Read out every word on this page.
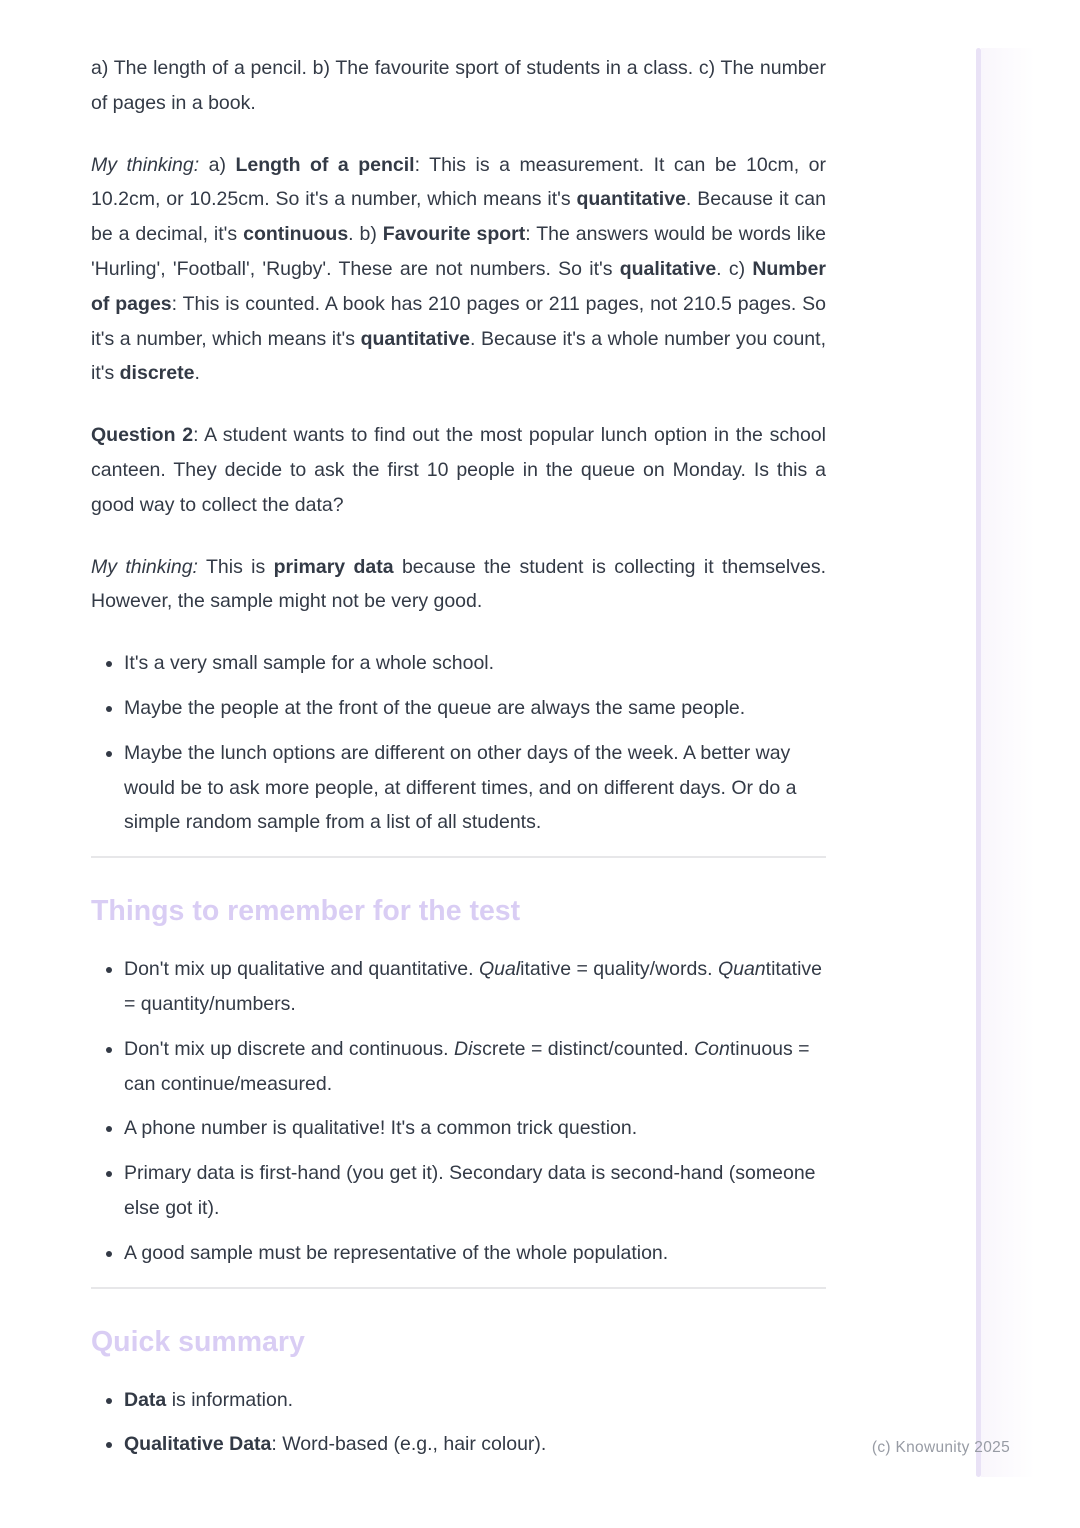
a) The length of a pencil. b) The favourite sport of students in a class. c) The number of pages in a book.

My thinking: a) Length of a pencil: This is a measurement. It can be 10cm, or 10.2cm, or 10.25cm. So it's a number, which means it's quantitative. Because it can be a decimal, it's continuous. b) Favourite sport: The answers would be words like 'Hurling', 'Football', 'Rugby'. These are not numbers. So it's qualitative. c) Number of pages: This is counted. A book has 210 pages or 211 pages, not 210.5 pages. So it's a number, which means it's quantitative. Because it's a whole number you count, it's discrete.

Question 2: A student wants to find out the most popular lunch option in the school canteen. They decide to ask the first 10 people in the queue on Monday. Is this a good way to collect the data?

My thinking: This is primary data because the student is collecting it themselves. However, the sample might not be very good.

• It's a very small sample for a whole school.
• Maybe the people at the front of the queue are always the same people.
• Maybe the lunch options are different on other days of the week. A better way would be to ask more people, at different times, and on different days. Or do a simple random sample from a list of all students.
Things to remember for the test
• Don't mix up qualitative and quantitative. Qualitative = quality/words. Quantitative = quantity/numbers.
• Don't mix up discrete and continuous. Discrete = distinct/counted. Continuous = can continue/measured.
• A phone number is qualitative! It's a common trick question.
• Primary data is first-hand (you get it). Secondary data is second-hand (someone else got it).
• A good sample must be representative of the whole population.
Quick summary
• Data is information.
• Qualitative Data: Word-based (e.g., hair colour).	(c) Knowunity 2025
